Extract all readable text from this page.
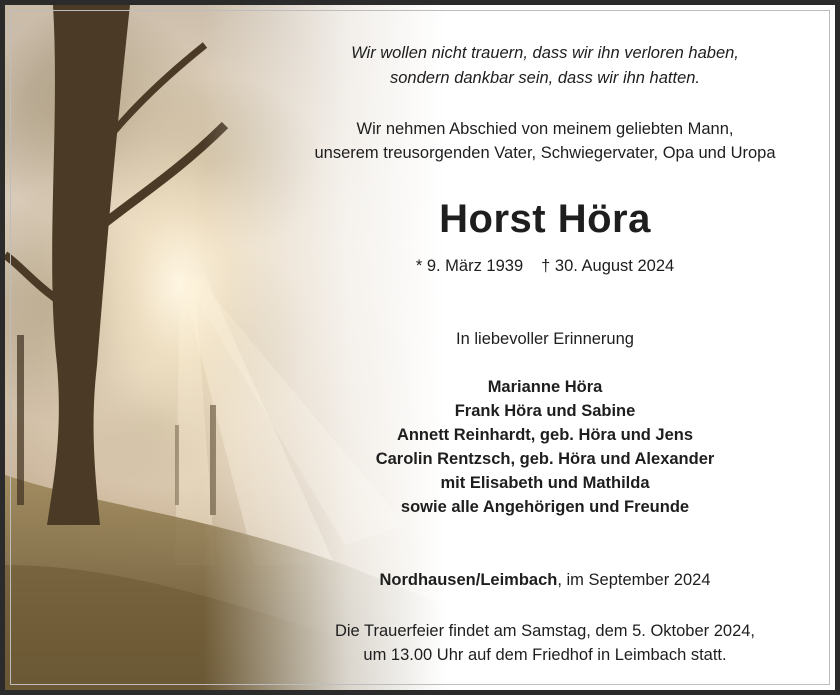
Wir wollen nicht trauern, dass wir ihn verloren haben,
sondern dankbar sein, dass wir ihn hatten.
Wir nehmen Abschied von meinem geliebten Mann,
unserem treusorgenden Vater, Schwiegervater, Opa und Uropa
Horst Höra
* 9. März 1939 † 30. August 2024
In liebevoller Erinnerung
Marianne Höra
Frank Höra und Sabine
Annett Reinhardt, geb. Höra und Jens
Carolin Rentzsch, geb. Höra und Alexander
mit Elisabeth und Mathilda
sowie alle Angehörigen und Freunde
Nordhausen/Leimbach, im September 2024
Die Trauerfeier findet am Samstag, dem 5. Oktober 2024,
um 13.00 Uhr auf dem Friedhof in Leimbach statt.
